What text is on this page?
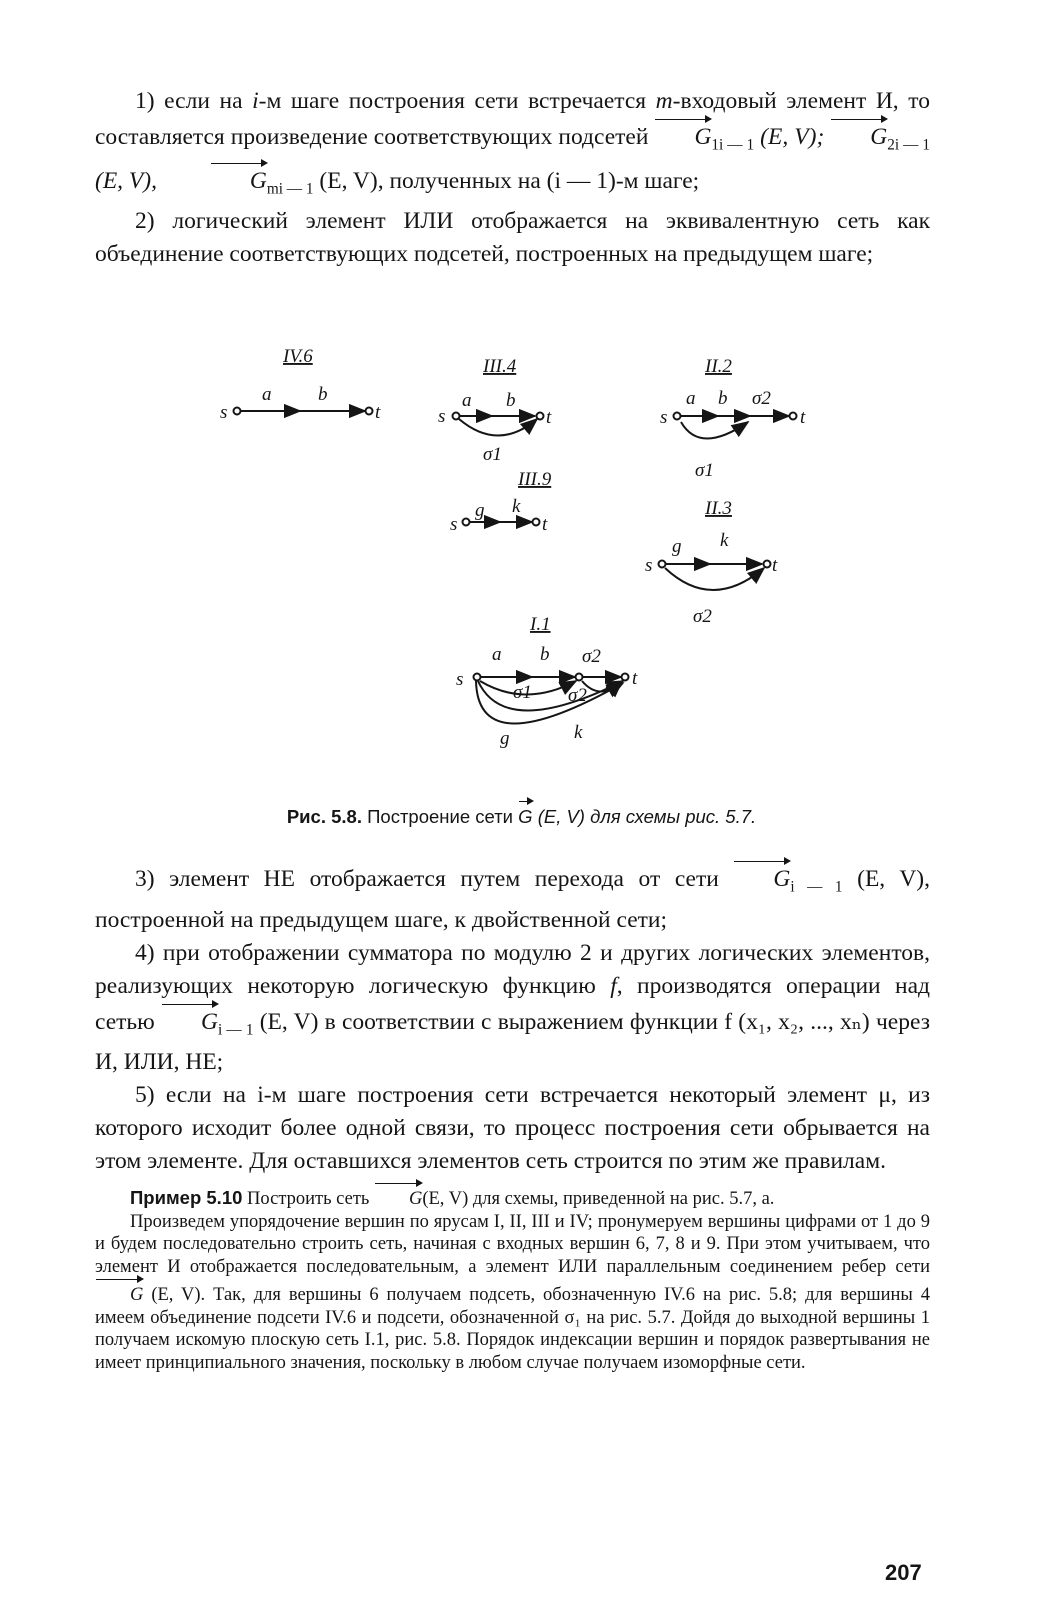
1) если на i-м шаге построения сети встречается m-входовый элемент И, то составляется произведение соответствующих подсетей $G_{1i — 1}$ (E, V); $G_{2i — 1}$ (E, V),	$G_{mi — 1}$ (E, V), полученных на (i — 1)-м шаге;

2) логический элемент ИЛИ отображается на эквивалентную сеть как объединение соответствующих подсетей, построенных на предыдущем шаге;

IV.6
s	t
a b
III.4
s	t
a b
σ1
II.2
s	t
a b σ2
σ1
III.9
s	t
g k	II.3
s	t
g k
σ2
I.1
s	t
a b σ2
σ1 σ2
k
g
Рис. 5.8. Построение сети G (E, V) для схемы рис. 5.7.

3) элемент НЕ отображается путем перехода от сети $G_{i — 1}$ (E, V), построенной на предыдущем шаге, к двойственной сети;

4) при отображении сумматора по модулю 2 и других логических элементов, реализующих некоторую логическую функцию f, производятся операции над сетью $G_{i — 1}$ (E, V) в соответствии с выражением функции f (x₁, x₂, ..., xₙ) через И, ИЛИ, НЕ;

5) если на i-м шаге построения сети встречается некоторый элемент μ, из которого исходит более одной связи, то процесс построения сети обрывается на этом элементе. Для оставшихся элементов сеть строится по этим же правилам.

Пример 5.10 Построить сеть G(E, V) для схемы, приведенной на рис. 5.7, a.

Произведем упорядочение вершин по ярусам I, II, III и IV; пронумеруем вершины цифрами от 1 до 9 и будем последовательно строить сеть, начиная с входных вершин 6, 7, 8 и 9. При этом учитываем, что элемент И отображается последовательным, а элемент ИЛИ параллельным соединением ребер сети G (E, V). Так, для вершины 6 получаем подсеть, обозначенную IV.6 на рис. 5.8; для вершины 4 имеем объединение подсети IV.6 и подсети, обозначенной σ₁ на рис. 5.7. Дойдя до выходной вершины 1 получаем искомую плоскую сеть I.1, рис. 5.8. Порядок индексации вершин и порядок развертывания не имеет принципиального значения, поскольку в любом случае получаем изоморфные сети.

207
